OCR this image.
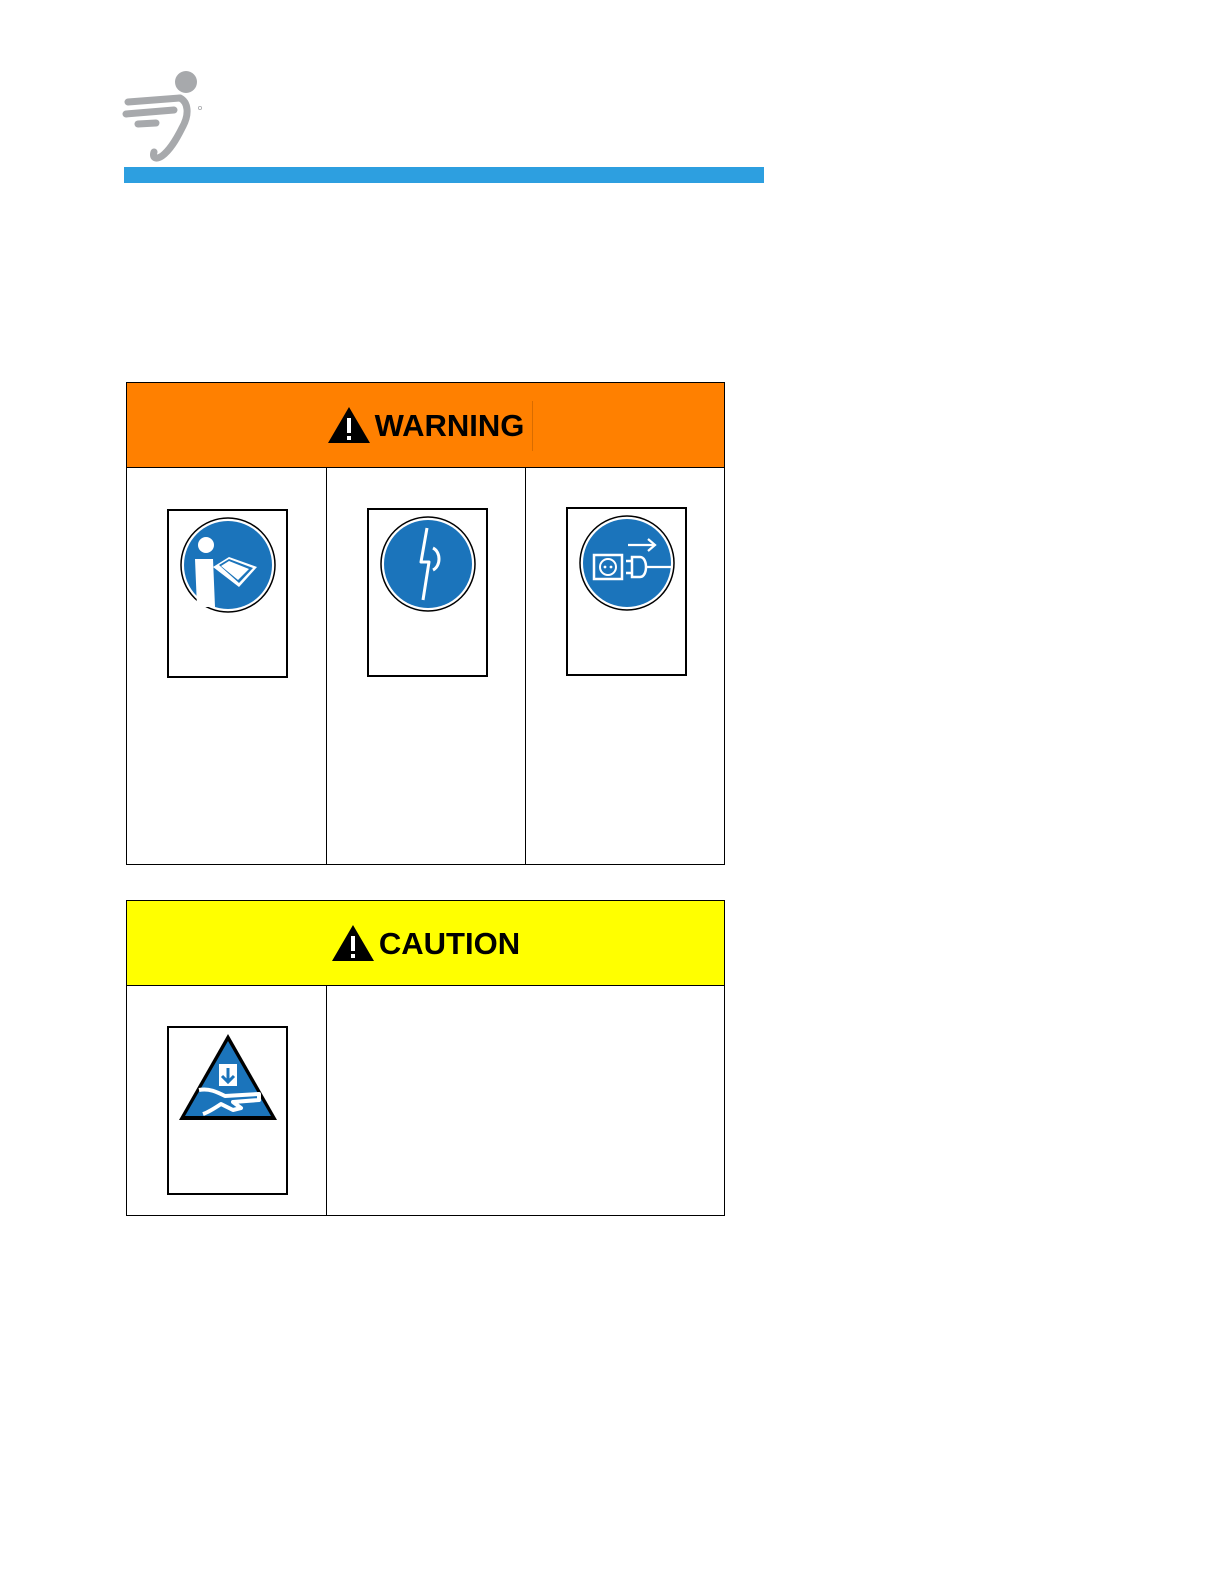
WARNING
CAUTION
